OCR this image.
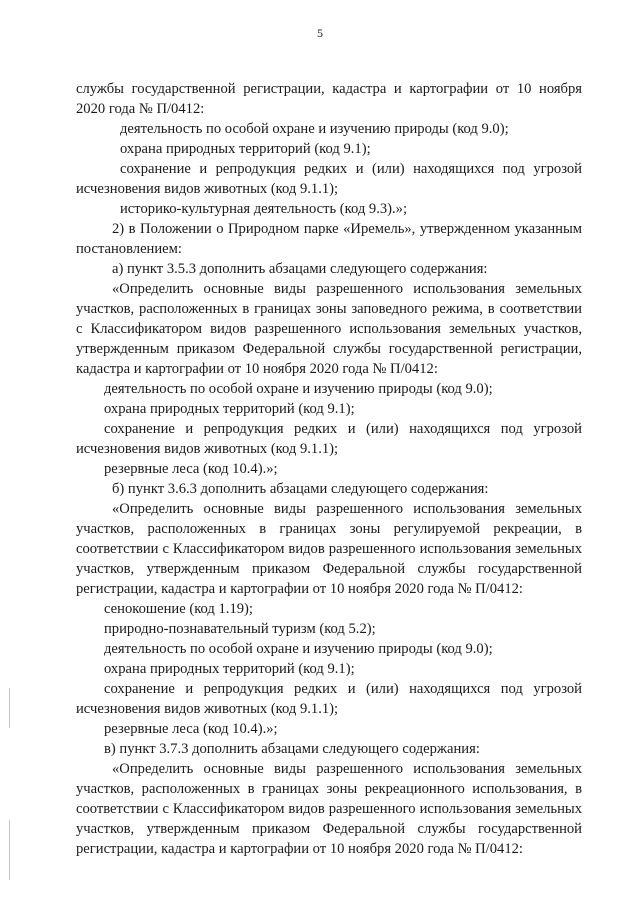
5

службы государственной регистрации, кадастра и картографии от 10 ноября 2020 года № П/0412:

деятельность по особой охране и изучению природы (код 9.0);

охрана природных территорий (код 9.1);

сохранение и репродукция редких и (или) находящихся под угрозой исчезновения видов животных (код 9.1.1);

историко-культурная деятельность (код 9.3).»;

2) в Положении о Природном парке «Иремель», утвержденном указанным постановлением:

а) пункт 3.5.3 дополнить абзацами следующего содержания:

«Определить основные виды разрешенного использования земельных участков, расположенных в границах зоны заповедного режима, в соответствии с Классификатором видов разрешенного использования земельных участков, утвержденным приказом Федеральной службы государственной регистрации, кадастра и картографии от 10 ноября 2020 года № П/0412:

деятельность по особой охране и изучению природы (код 9.0);

охрана природных территорий (код 9.1);

сохранение и репродукция редких и (или) находящихся под угрозой исчезновения видов животных (код 9.1.1);

резервные леса (код 10.4).»;

б) пункт 3.6.3 дополнить абзацами следующего содержания:

«Определить основные виды разрешенного использования земельных участков, расположенных в границах зоны регулируемой рекреации, в соответствии с Классификатором видов разрешенного использования земельных участков, утвержденным приказом Федеральной службы государственной регистрации, кадастра и картографии от 10 ноября 2020 года № П/0412:

сенокошение (код 1.19);

природно-познавательный туризм (код 5.2);

деятельность по особой охране и изучению природы (код 9.0);

охрана природных территорий (код 9.1);

сохранение и репродукция редких и (или) находящихся под угрозой исчезновения видов животных (код 9.1.1);

резервные леса (код 10.4).»;

в) пункт 3.7.3 дополнить абзацами следующего содержания:

«Определить основные виды разрешенного использования земельных участков, расположенных в границах зоны рекреационного использования, в соответствии с Классификатором видов разрешенного использования земельных участков, утвержденным приказом Федеральной службы государственной регистрации, кадастра и картографии от 10 ноября 2020 года № П/0412:
